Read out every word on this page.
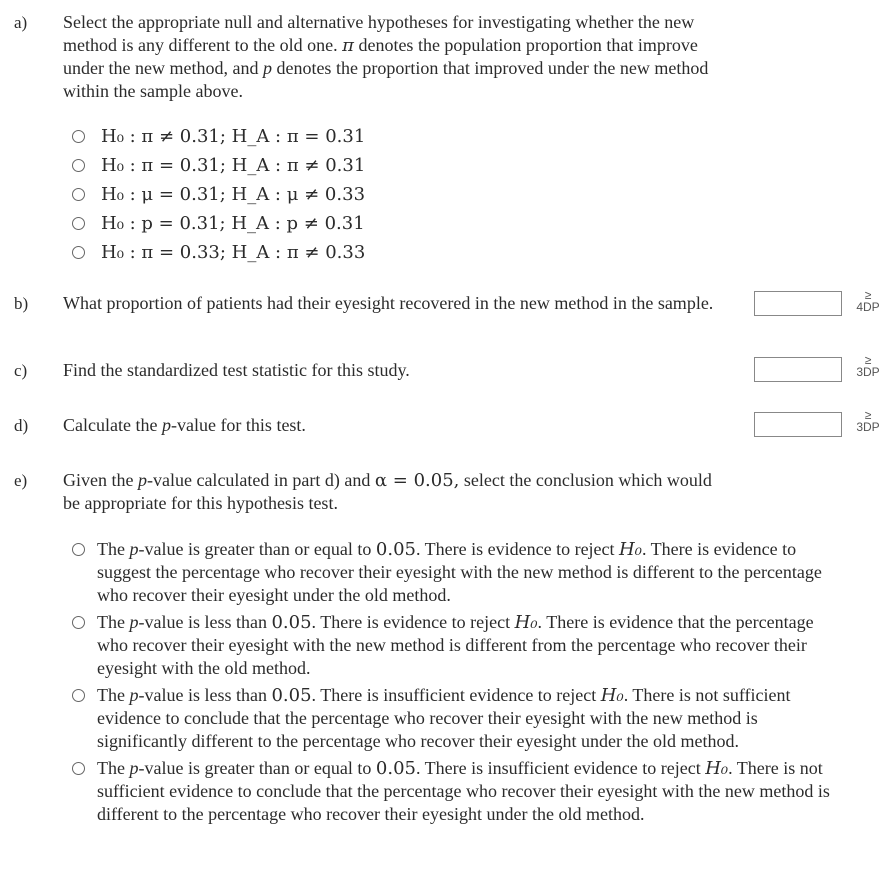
a) Select the appropriate null and alternative hypotheses for investigating whether the new method is any different to the old one. π denotes the population proportion that improve under the new method, and p denotes the proportion that improved under the new method within the sample above.
H₀ : π ≠ 0.31; H_A : π = 0.31
H₀ : π = 0.31; H_A : π ≠ 0.31
H₀ : μ = 0.31; H_A : μ ≠ 0.33
H₀ : p = 0.31; H_A : p ≠ 0.31
H₀ : π = 0.33; H_A : π ≠ 0.33
b) What proportion of patients had their eyesight recovered in the new method in the sample.	≥
4DP
c) Find the standardized test statistic for this study.	≥
3DP
d) Calculate the p-value for this test.	≥
3DP
e) Given the p-value calculated in part d) and α = 0.05, select the conclusion which would be appropriate for this hypothesis test.
The p-value is greater than or equal to 0.05. There is evidence to reject H₀. There is evidence to suggest the percentage who recover their eyesight with the new method is different to the percentage who recover their eyesight under the old method.
The p-value is less than 0.05. There is evidence to reject H₀. There is evidence that the percentage who recover their eyesight with the new method is different from the percentage who recover their eyesight with the old method.
The p-value is less than 0.05. There is insufficient evidence to reject H₀. There is not sufficient evidence to conclude that the percentage who recover their eyesight with the new method is significantly different to the percentage who recover their eyesight under the old method.
The p-value is greater than or equal to 0.05. There is insufficient evidence to reject H₀. There is not sufficient evidence to conclude that the percentage who recover their eyesight with the new method is different to the percentage who recover their eyesight under the old method.
